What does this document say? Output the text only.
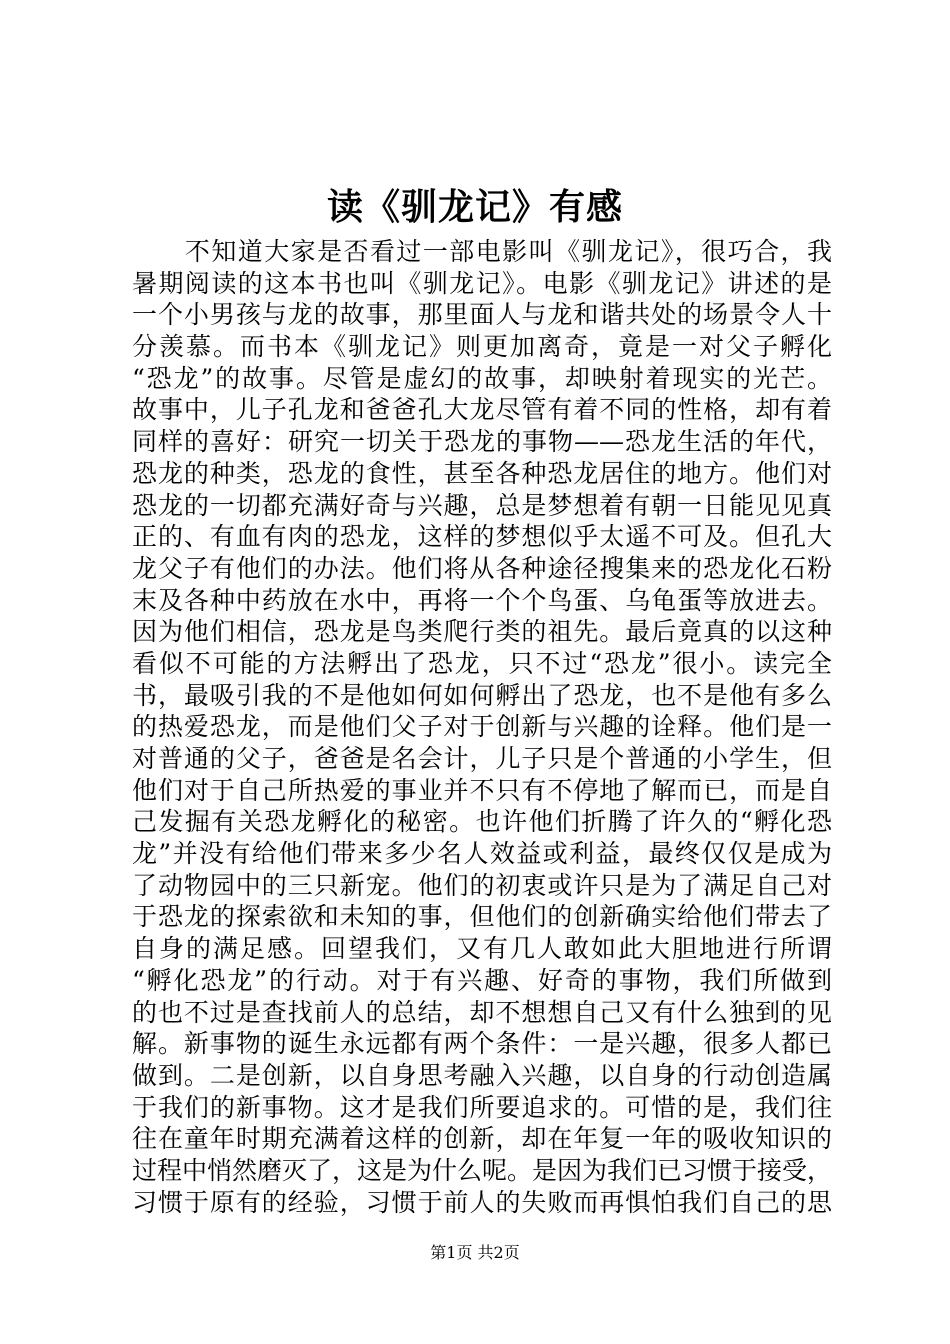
读《驯龙记》有感
　　不知道大家是否看过一部电影叫《驯龙记》，很巧合，我
暑期阅读的这本书也叫《驯龙记》。电影《驯龙记》讲述的是
一个小男孩与龙的故事，那里面人与龙和谐共处的场景令人十
分羡慕。而书本《驯龙记》则更加离奇，竟是一对父子孵化
“恐龙”的故事。尽管是虚幻的故事，却映射着现实的光芒。
故事中，儿子孔龙和爸爸孔大龙尽管有着不同的性格，却有着
同样的喜好：研究一切关于恐龙的事物——恐龙生活的年代，
恐龙的种类，恐龙的食性，甚至各种恐龙居住的地方。他们对
恐龙的一切都充满好奇与兴趣，总是梦想着有朝一日能见见真
正的、有血有肉的恐龙，这样的梦想似乎太遥不可及。但孔大
龙父子有他们的办法。他们将从各种途径搜集来的恐龙化石粉
末及各种中药放在水中，再将一个个鸟蛋、乌龟蛋等放进去。
因为他们相信，恐龙是鸟类爬行类的祖先。最后竟真的以这种
看似不可能的方法孵出了恐龙，只不过“恐龙”很小。读完全
书，最吸引我的不是他如何如何孵出了恐龙，也不是他有多么
的热爱恐龙，而是他们父子对于创新与兴趣的诠释。他们是一
对普通的父子，爸爸是名会计，儿子只是个普通的小学生，但
他们对于自己所热爱的事业并不只有不停地了解而已，而是自
己发掘有关恐龙孵化的秘密。也许他们折腾了许久的“孵化恐
龙”并没有给他们带来多少名人效益或利益，最终仅仅是成为
了动物园中的三只新宠。他们的初衷或许只是为了满足自己对
于恐龙的探索欲和未知的事，但他们的创新确实给他们带去了
自身的满足感。回望我们，又有几人敢如此大胆地进行所谓
“孵化恐龙”的行动。对于有兴趣、好奇的事物，我们所做到
的也不过是查找前人的总结，却不想想自己又有什么独到的见
解。新事物的诞生永远都有两个条件：一是兴趣，很多人都已
做到。二是创新，以自身思考融入兴趣，以自身的行动创造属
于我们的新事物。这才是我们所要追求的。可惜的是，我们往
往在童年时期充满着这样的创新，却在年复一年的吸收知识的
过程中悄然磨灭了，这是为什么呢。是因为我们已习惯于接受，
习惯于原有的经验，习惯于前人的失败而再惧怕我们自己的思
第1页 共2页
